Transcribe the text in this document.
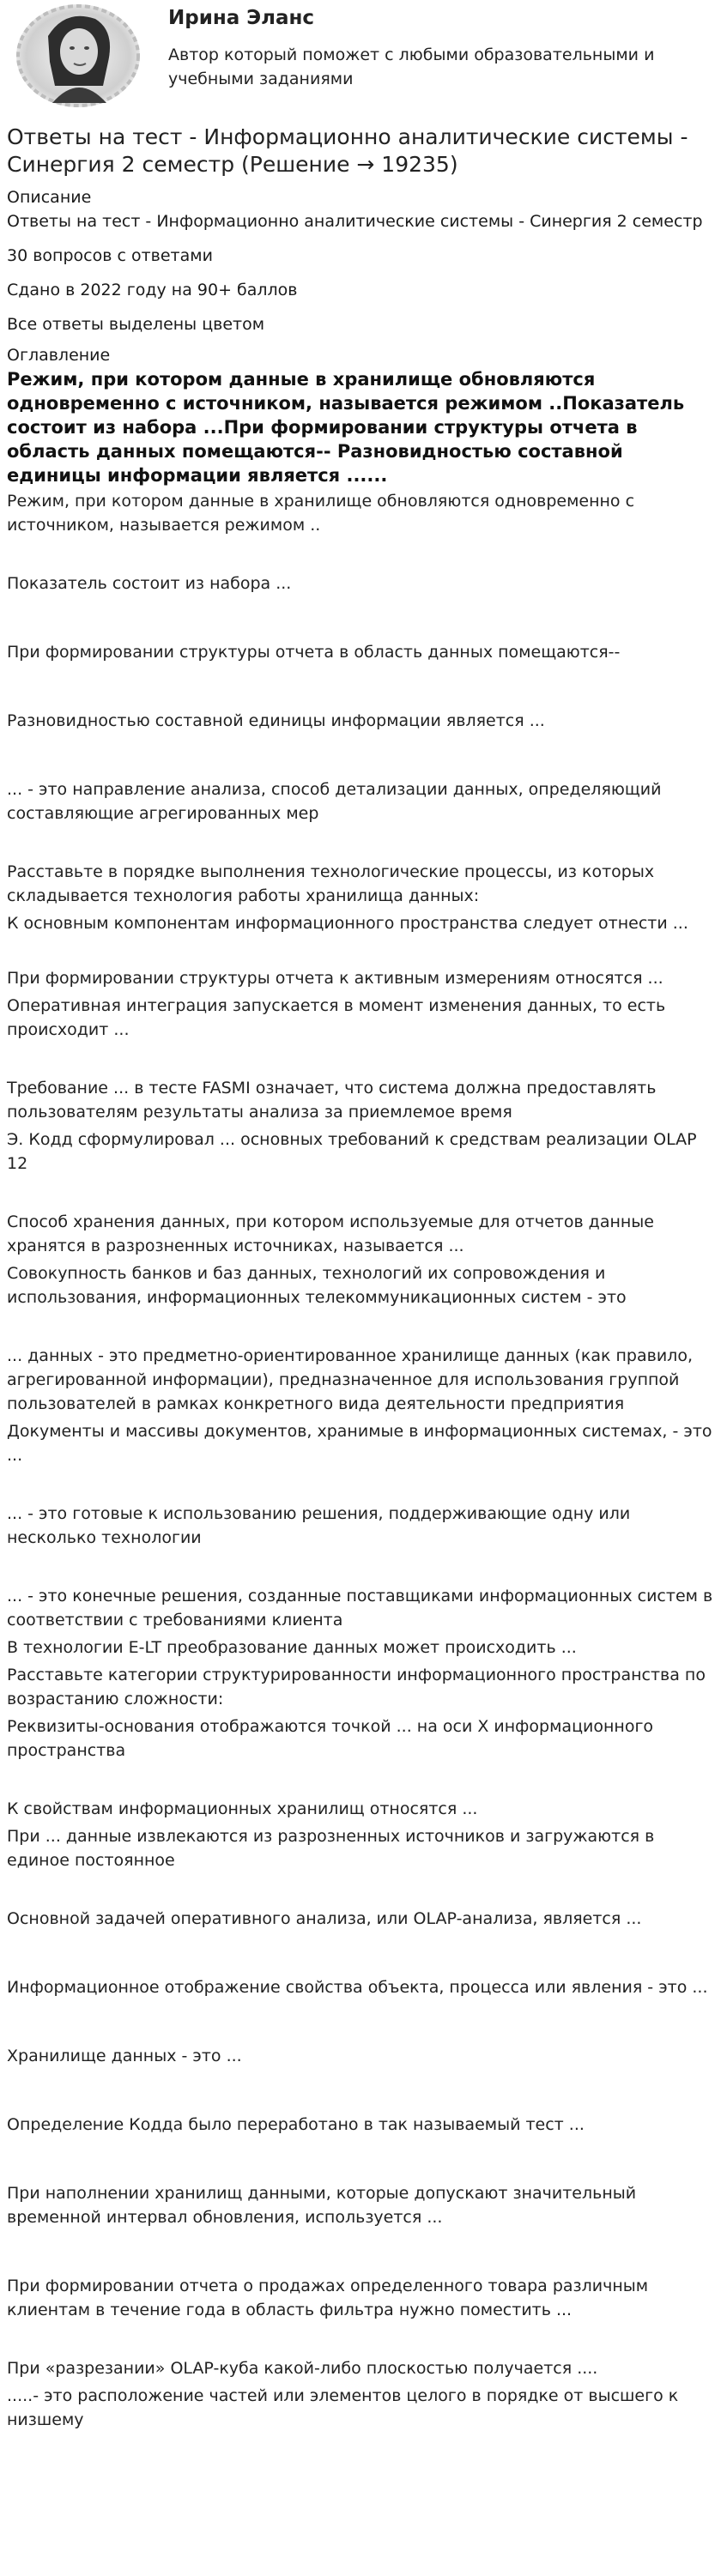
Ирина Эланс
Автор который поможет с любыми образовательными и учебными заданиями
Ответы на тест - Информационно аналитические системы - Синергия 2 семестр (Решение → 19235)

Описание

Ответы на тест - Информационно аналитические системы - Синергия 2 семестр

30 вопросов с ответами

Сдано в 2022 году на 90+ баллов

Все ответы выделены цветом

Оглавление

Режим, при котором данные в хранилище обновляются одновременно с источником, называется режимом ..Показатель состоит из набора ...При формировании структуры отчета в область данных помещаются-- Разновидностью составной единицы информации является ......

Режим, при котором данные в хранилище обновляются одновременно с источником, называется режимом ..

Показатель состоит из набора ...

При формировании структуры отчета в область данных помещаются--

Разновидностью составной единицы информации является ...

... - это направление анализа, способ детализации данных, определяющий составляющие агрегированных мер

Расставьте в порядке выполнения технологические процессы, из которых складывается технология работы хранилища данных:

К основным компонентам информационного пространства следует отнести ...

При формировании структуры отчета к активным измерениям относятся ...

Оперативная интеграция запускается в момент изменения данных, то есть происходит ...

Требование ... в тесте FASMI означает, что система должна предоставлять пользователям результаты анализа за приемлемое время

Э. Кодд сформулировал ... основных требований к средствам реализации OLAP 12

Способ хранения данных, при котором используемые для отчетов данные хранятся в разрозненных источниках, называется ...

Совокупность банков и баз данных, технологий их сопровождения и использования, информационных телекоммуникационных систем - это

... данных - это предметно-ориентированное хранилище данных (как правило, агрегированной информации), предназначенное для использования группой пользователей в рамках конкретного вида деятельности предприятия

Документы и массивы документов, хранимые в информационных системах, - это ...

... - это готовые к использованию решения, поддерживающие одну или несколько технологии

... - это конечные решения, созданные поставщиками информационных систем в соответствии с требованиями клиента

В технологии E-LT преобразование данных может происходить ...

Расставьте категории структурированности информационного пространства по возрастанию сложности:

Реквизиты-основания отображаются точкой ... на оси X информационного пространства

К свойствам информационных хранилищ относятся ...

При ... данные извлекаются из разрозненных источников и загружаются в единое постоянное

Основной задачей оперативного анализа, или OLAP-анализа, является ...

Информационное отображение свойства объекта, процесса или явления - это ...

Хранилище данных - это ...

Определение Кодда было переработано в так называемый тест ...

При наполнении хранилищ данными, которые допускают значительный временной интервал обновления, используется ...

При формировании отчета о продажах определенного товара различным клиентам в течение года в область фильтра нужно поместить ...

При «разрезании» OLAP-куба какой-либо плоскостью получается ....

.....- это расположение частей или элементов целого в порядке от высшего к низшему
